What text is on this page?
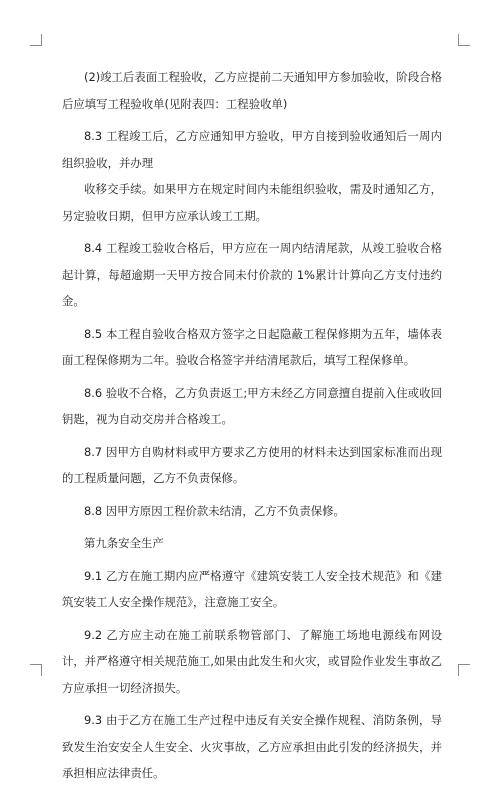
(2)竣工后表面工程验收，乙方应提前二天通知甲方参加验收，阶段合格后应填写工程验收单(见附表四：工程验收单)

8.3 工程竣工后，乙方应通知甲方验收，甲方自接到验收通知后一周内组织验收，并办理

收移交手续。如果甲方在规定时间内未能组织验收，需及时通知乙方，另定验收日期，但甲方应承认竣工工期。

8.4 工程竣工验收合格后，甲方应在一周内结清尾款，从竣工验收合格起计算，每超逾期一天甲方按合同未付价款的 1%累计计算向乙方支付违约金。

8.5 本工程自验收合格双方签字之日起隐蔽工程保修期为五年，墙体表面工程保修期为二年。验收合格签字并结清尾款后，填写工程保修单。

8.6 验收不合格，乙方负责返工;甲方未经乙方同意擅自提前入住或收回钥匙，视为自动交房并合格竣工。

8.7 因甲方自购材料或甲方要求乙方使用的材料未达到国家标准而出现的工程质量问题，乙方不负责保修。

8.8 因甲方原因工程价款未结清，乙方不负责保修。

第九条安全生产

9.1 乙方在施工期内应严格遵守《建筑安装工人安全技术规范》和《建筑安装工人安全操作规范》，注意施工安全。

9.2 乙方应主动在施工前联系物管部门、了解施工场地电源线布网设计，并严格遵守相关规范施工,如果由此发生和火灾，或冒险作业发生事故乙方应承担一切经济损失。

9.3 由于乙方在施工生产过程中违反有关安全操作规程、消防条例，导致发生治安安全人生安全、火灾事故，乙方应承担由此引发的经济损失，并承担相应法律责任。
